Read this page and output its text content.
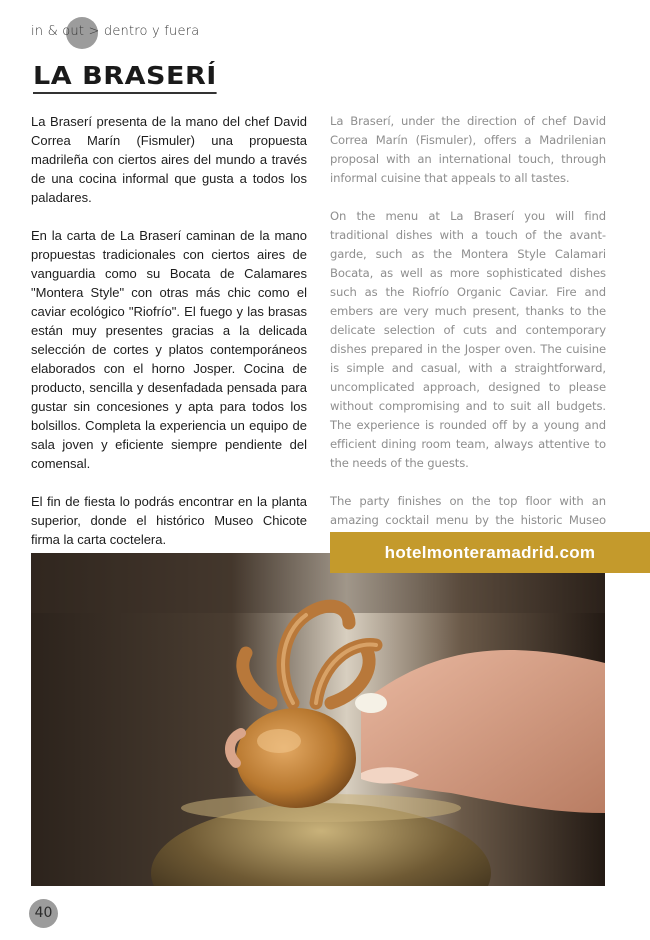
in & out > dentro y fuera
LA BRASERÍ

La Braserí presenta de la mano del chef David Correa Marín (Fismuler) una propuesta madrileña con ciertos aires del mundo a través de una cocina informal que gusta a todos los paladares.

En la carta de La Braserí caminan de la mano propuestas tradicionales con ciertos aires de vanguardia como su Bocata de Calamares "Montera Style" con otras más chic como el caviar ecológico "Riofrío". El fuego y las brasas están muy presentes gracias a la delicada selección de cortes y platos contemporáneos elaborados con el horno Josper. Cocina de producto, sencilla y desenfadada pensada para gustar sin concesiones y apta para todos los bolsillos. Completa la experiencia un equipo de sala joven y eficiente siempre pendiente del comensal.

El fin de fiesta lo podrás encontrar en la planta superior, donde el histórico Museo Chicote firma la carta coctelera.

La Braserí, under the direction of chef David Correa Marín (Fismuler), offers a Madrilenian proposal with an international touch, through informal cuisine that appeals to all tastes.

On the menu at La Braserí you will find traditional dishes with a touch of the avant-garde, such as the Montera Style Calamari Bocata, as well as more sophisticated dishes such as the Riofrío Organic Caviar. Fire and embers are very much present, thanks to the delicate selection of cuts and contemporary dishes prepared in the Josper oven. The cuisine is simple and casual, with a straightforward, uncomplicated approach, designed to please without compromising and to suit all budgets. The experience is rounded off by a young and efficient dining room team, always attentive to the needs of the guests.

The party finishes on the top floor with an amazing cocktail menu by the historic Museo

hotelmonteramadrid.com
40
